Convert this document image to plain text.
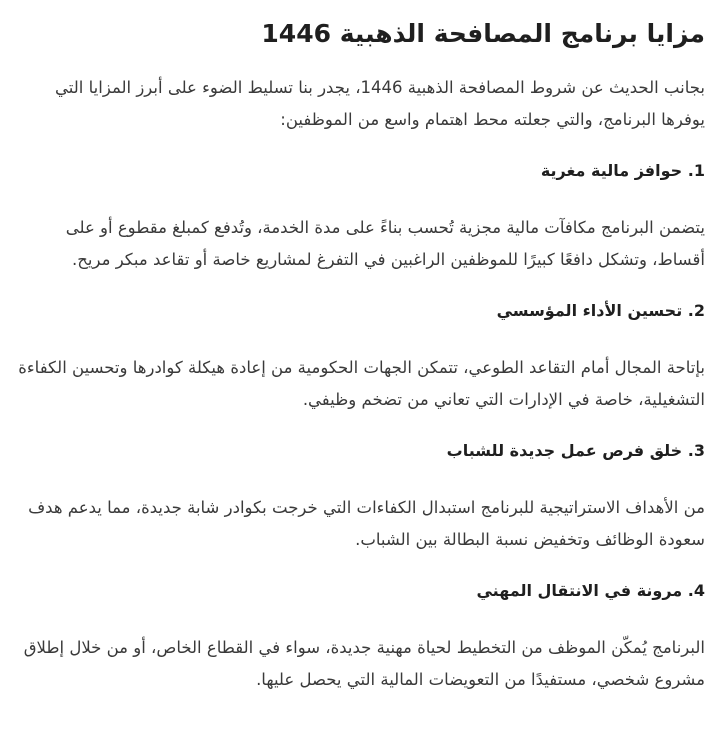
مزايا برنامج المصافحة الذهبية 1446

بجانب الحديث عن شروط المصافحة الذهبية 1446، يجدر بنا تسليط الضوء على أبرز المزايا التي يوفرها البرنامج، والتي جعلته محط اهتمام واسع من الموظفين:

1. حوافز مالية مغرية

يتضمن البرنامج مكافآت مالية مجزية تُحسب بناءً على مدة الخدمة، وتُدفع كمبلغ مقطوع أو على أقساط، وتشكل دافعًا كبيرًا للموظفين الراغبين في التفرغ لمشاريع خاصة أو تقاعد مبكر مريح.

2. تحسين الأداء المؤسسي

بإتاحة المجال أمام التقاعد الطوعي، تتمكن الجهات الحكومية من إعادة هيكلة كوادرها وتحسين الكفاءة التشغيلية، خاصة في الإدارات التي تعاني من تضخم وظيفي.

3. خلق فرص عمل جديدة للشباب

من الأهداف الاستراتيجية للبرنامج استبدال الكفاءات التي خرجت بكوادر شابة جديدة، مما يدعم هدف سعودة الوظائف وتخفيض نسبة البطالة بين الشباب.

4. مرونة في الانتقال المهني

البرنامج يُمكّن الموظف من التخطيط لحياة مهنية جديدة، سواء في القطاع الخاص، أو من خلال إطلاق مشروع شخصي، مستفيدًا من التعويضات المالية التي يحصل عليها.
